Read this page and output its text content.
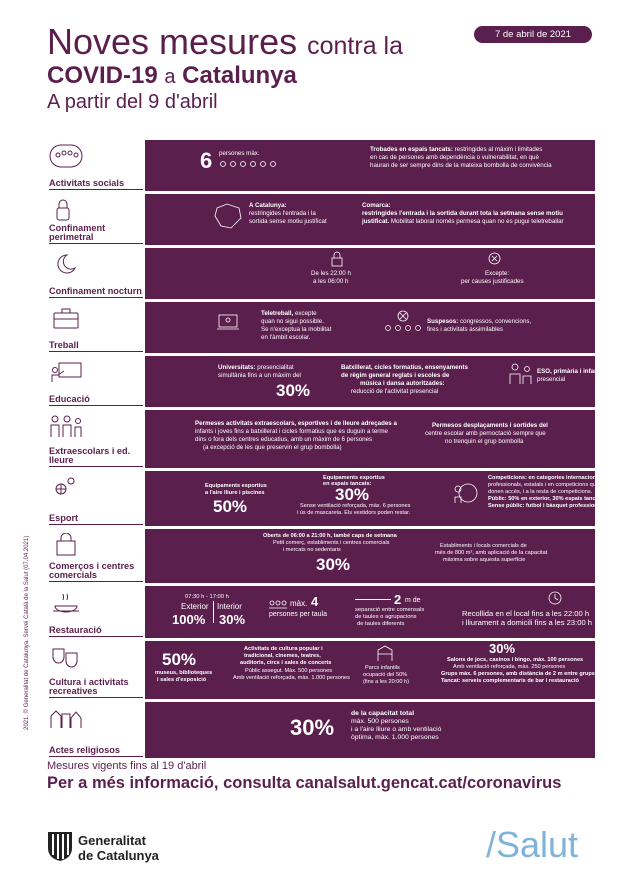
Noves mesures contra la
COVID-19 a Catalunya
A partir del 9 d'abril
7 de abril de 2021
Activitats socials
6 persones màx.
Trobades en espais tancats: restringides al màxim i limitades
en cas de persones amb dependència o vulnerabilitat, en què
hauran de ser sempre dins de la mateixa bombolla de convivència
Confinament perimetral
A Catalunya:
restringides l'entrada i la
sortida sense motiu justificat
Comarca:
restringides l'entrada i la sortida durant tota la setmana sense motiu
justificat. Mobilitat laboral només permesa quan no es pugui teletreballar
Confinament nocturn
De les 22:00 h
a les 06:00 h
Excepte:
per causes justificades
Treball
Teletreball, excepte
quan no sigui possible.
Se n'exceptua la mobilitat
en l'àmbit escolar.
Suspesos: congressos, convencions,
fires i activitats assimilables
Educació
Universitats: presencialitat
simultània fins a un màxim del
30%
Batxillerat, cicles formatius, ensenyaments
de règim general reglats i escoles de
música i dansa autoritzades:
reducció de l'activitat presencial
ESO, primària i infantil:
presencial
Extraescolars i ed. lleure
Permeses activitats extraescolars, esportives i de lleure adreçades a
infants i joves fins a batxillerat i cicles formatius que es duguin a terme
dins o fora dels centres educatius, amb un màxim de 6 persones
(a excepció de les que preservin el grup bombolla)
Permesos desplaçaments i sortides del
centre escolar amb pernoctació sempre que
no trenquin el grup bombolla
Esport
Equipaments esportius
a l'aire lliure i piscines
50%
Equipaments esportius
en espais tancats:
30%
Sense ventilació reforçada, màx. 6 persones
i ús de mascareta. Els vestidors poden restar.
Competicions: en categories internacionals,
professionals, estatals i en competicions que hi
donen accés, i a la resta de competicions.
Públic: 50% en exterior, 30% espais tancats.
Sense públic: futbol i bàsquet professionals
Comerços i centres comercials
Oberts de 06:00 a 21:00 h, també caps de setmana
Petit comerç, establiments i centres comercials
i mercats no sedentaris
30%
Establiments i locals comercials de
més de 800 m², amb aplicació de la capacitat
màxima sobre aquesta superfície
Restauració
07:30 h - 17:00 h
Exterior Interior
100% 30%
màx. 4
persones per taula
2 m de
separació entre comensals
de taules o agrupacions
de taules diferents
Recollida en el local fins a les 22:00 h
i lliurament a domicili fins a les 23:00 h
Cultura i activitats recreatives
50%
museus, biblioteques
i sales d'exposició
Activitats de cultura popular i
tradicional, cinemes, teatres,
auditoris, circs i sales de concerts
Públic assegut. Màx. 500 persones
Amb ventilació reforçada, màx. 1.000 persones
Parcs infantils
ocupació del 50%
(fins a les 20:00 h)
30%
Salons de jocs, casinos i bingo, màx. 100 persones
Amb ventilació reforçada, màx. 250 persones
Grups màx. 6 persones, amb distància de 2 m entre grups
Tancat: serveis complementaris de bar i restauració
Actes religiosos
30%
de la capacitat total
màx. 500 persones
i a l'aire lliure o amb ventilació
òptima, màx. 1.000 persones
2021. © Generalitat de Catalunya. Servei Català de la Salut (07.04.2021)
Mesures vigents fins al 19 d'abril
Per a més informació, consulta canalsalut.gencat.cat/coronavirus
Generalitat
de Catalunya	/Salut
